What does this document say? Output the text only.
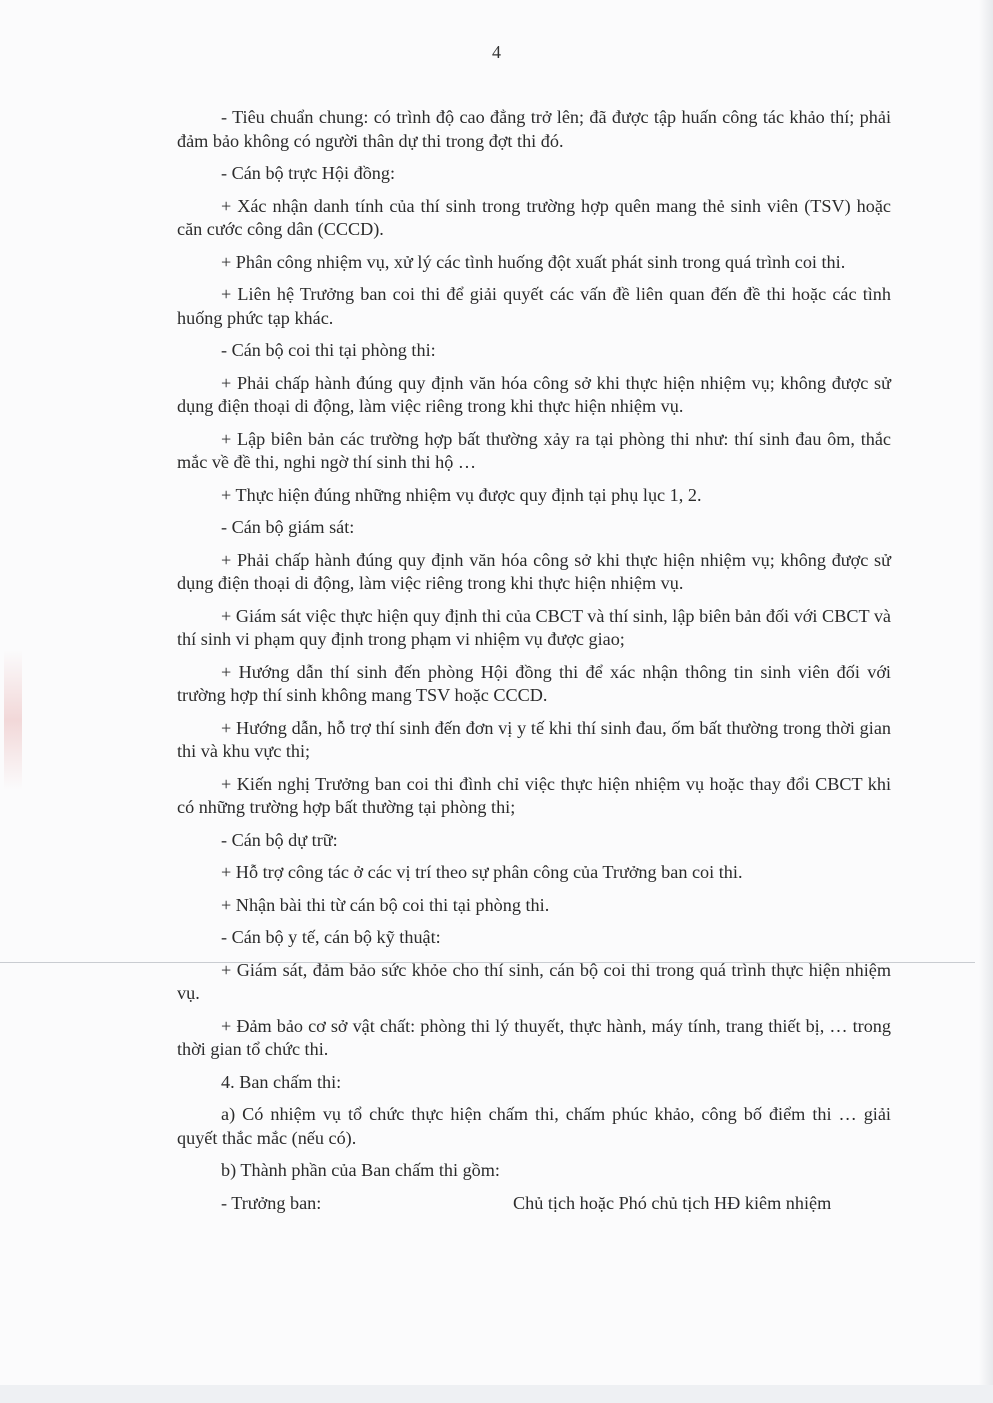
4

- Tiêu chuẩn chung: có trình độ cao đẳng trở lên; đã được tập huấn công tác khảo thí; phải đảm bảo không có người thân dự thi trong đợt thi đó.

- Cán bộ trực Hội đồng:

+ Xác nhận danh tính của thí sinh trong trường hợp quên mang thẻ sinh viên (TSV) hoặc căn cước công dân (CCCD).

+ Phân công nhiệm vụ, xử lý các tình huống đột xuất phát sinh trong quá trình coi thi.

+ Liên hệ Trưởng ban coi thi để giải quyết các vấn đề liên quan đến đề thi hoặc các tình huống phức tạp khác.

- Cán bộ coi thi tại phòng thi:

+ Phải chấp hành đúng quy định văn hóa công sở khi thực hiện nhiệm vụ; không được sử dụng điện thoại di động, làm việc riêng trong khi thực hiện nhiệm vụ.

+ Lập biên bản các trường hợp bất thường xảy ra tại phòng thi như: thí sinh đau ôm, thắc mắc về đề thi, nghi ngờ thí sinh thi hộ …

+ Thực hiện đúng những nhiệm vụ được quy định tại phụ lục 1, 2.

- Cán bộ giám sát:

+ Phải chấp hành đúng quy định văn hóa công sở khi thực hiện nhiệm vụ; không được sử dụng điện thoại di động, làm việc riêng trong khi thực hiện nhiệm vụ.

+ Giám sát việc thực hiện quy định thi của CBCT và thí sinh, lập biên bản đối với CBCT và thí sinh vi phạm quy định trong phạm vi nhiệm vụ được giao;

+ Hướng dẫn thí sinh đến phòng Hội đồng thi để xác nhận thông tin sinh viên đối với trường hợp thí sinh không mang TSV hoặc CCCD.

+ Hướng dẫn, hỗ trợ thí sinh đến đơn vị y tế khi thí sinh đau, ốm bất thường trong thời gian thi và khu vực thi;

+ Kiến nghị Trưởng ban coi thi đình chỉ việc thực hiện nhiệm vụ hoặc thay đổi CBCT khi có những trường hợp bất thường tại phòng thi;

- Cán bộ dự trữ:

+ Hỗ trợ công tác ở các vị trí theo sự phân công của Trưởng ban coi thi.

+ Nhận bài thi từ cán bộ coi thi tại phòng thi.

- Cán bộ y tế, cán bộ kỹ thuật:

+ Giám sát, đảm bảo sức khỏe cho thí sinh, cán bộ coi thi trong quá trình thực hiện nhiệm vụ.

+ Đảm bảo cơ sở vật chất: phòng thi lý thuyết, thực hành, máy tính, trang thiết bị, … trong thời gian tổ chức thi.

4. Ban chấm thi:

a) Có nhiệm vụ tổ chức thực hiện chấm thi, chấm phúc khảo, công bố điểm thi … giải quyết thắc mắc (nếu có).

b) Thành phần của Ban chấm thi gồm:

- Trưởng ban:	Chủ tịch hoặc Phó chủ tịch HĐ kiêm nhiệm
